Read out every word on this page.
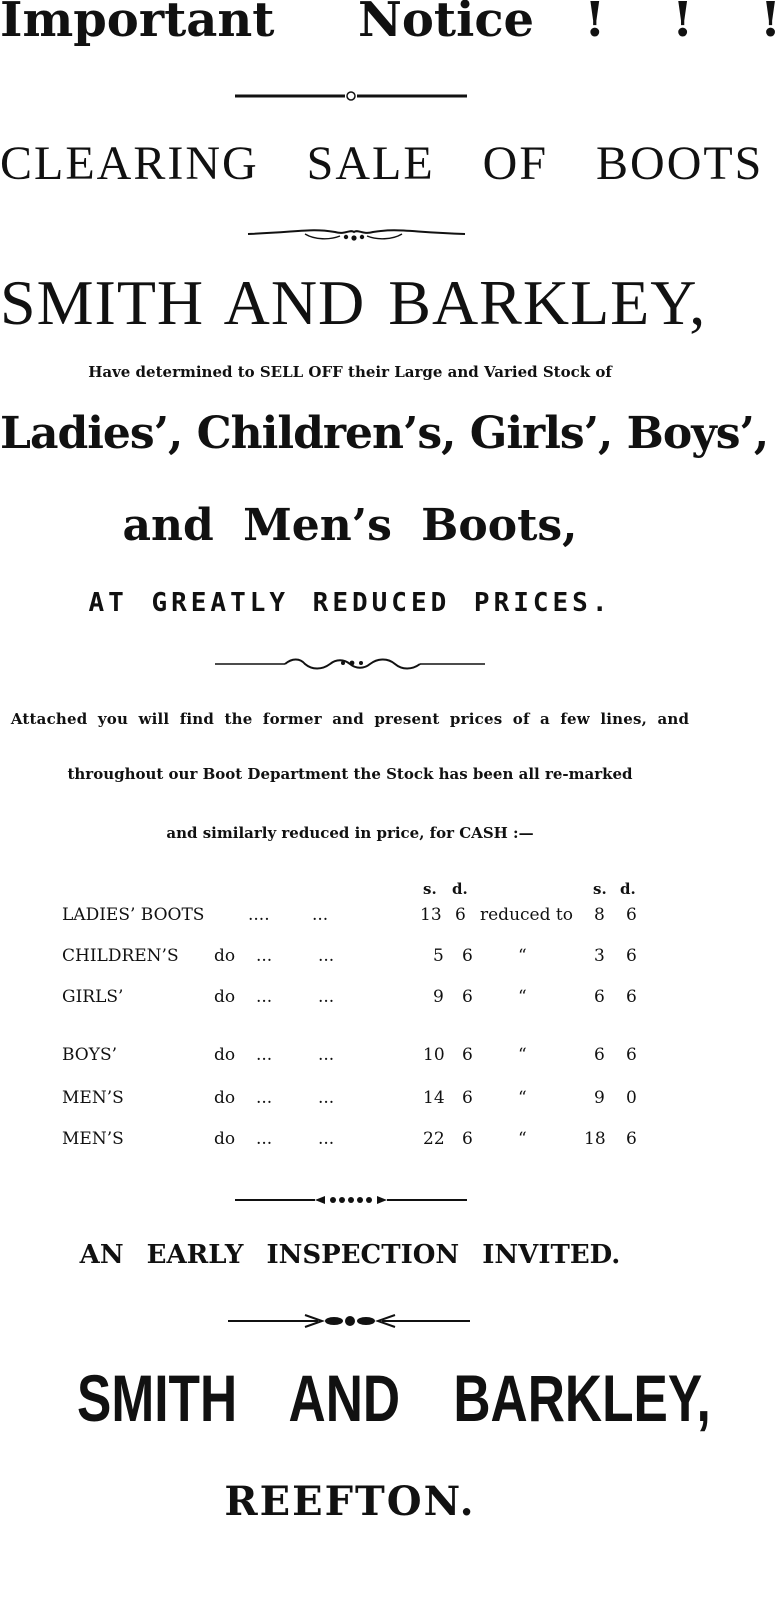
Important Notice !    !    !
CLEARING SALE OF BOOTS
SMITH AND BARKLEY,
Have determined to SELL OFF their Large and Varied Stock of
Ladies’, Children’s, Girls’, Boys’,
and Men’s Boots,
AT GREATLY REDUCED PRICES.
Attached you will find the former and present prices of a few lines, and
throughout our Boot Department the Stock has been all re-marked
and similarly reduced in price, for CASH :—
s. d.	s. d.
LADIES’ BOOTS	.... ...	13 6 reduced to 8 6
CHILDREN’S do ...	...	5 6	“	3 6
GIRLS’	do ...	...	9 6	“	6 6
BOYS’	do ...	...	10 6	“	6 6
MEN’S	do ...	...	14 6	“	9 0
MEN’S	do ...	...	22 6	“	18 6
AN EARLY INSPECTION INVITED.
SMITH AND BARKLEY,
REEFTON.
